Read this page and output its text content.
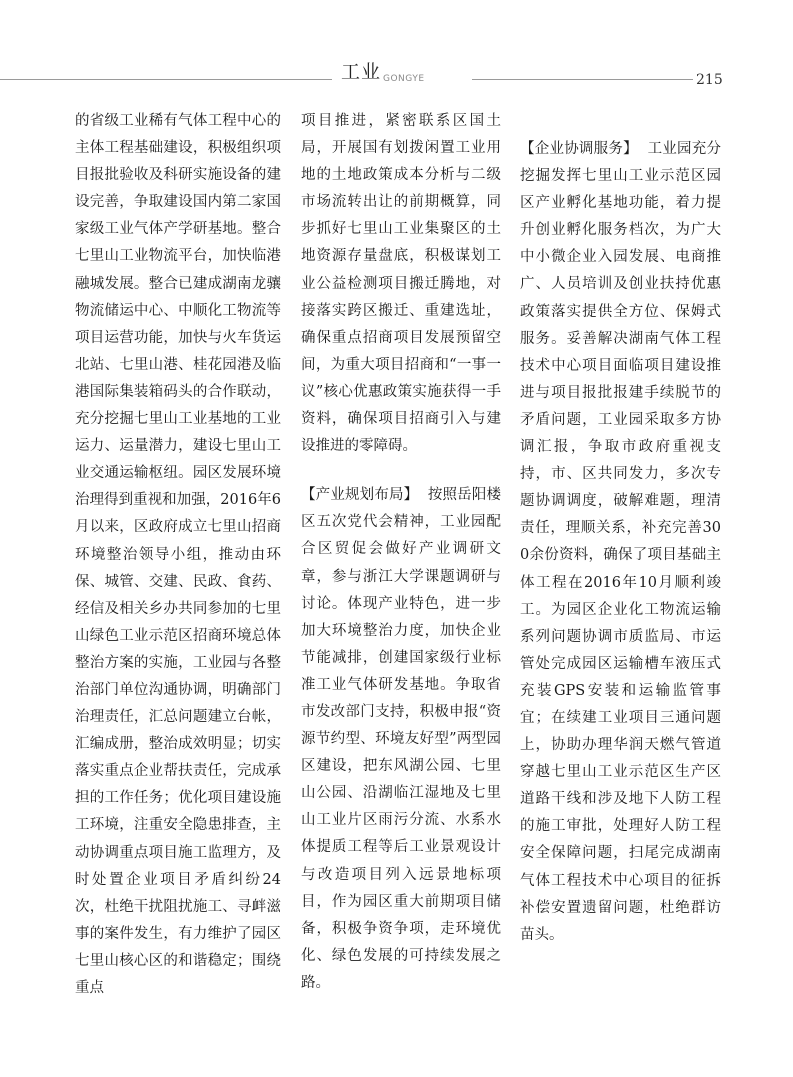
工业 GONGYE	215

的省级工业稀有气体工程中心的主体工程基础建设，积极组织项目报批验收及科研实施设备的建设完善，争取建设国内第二家国家级工业气体产学研基地。整合七里山工业物流平台，加快临港融城发展。整合已建成湖南龙骧物流储运中心、中顺化工物流等项目运营功能，加快与火车货运北站、七里山港、桂花园港及临港国际集装箱码头的合作联动，充分挖掘七里山工业基地的工业运力、运量潜力，建设七里山工业交通运输枢纽。园区发展环境治理得到重视和加强，2016年6月以来，区政府成立七里山招商环境整治领导小组，推动由环保、城管、交建、民政、食药、经信及相关乡办共同参加的七里山绿色工业示范区招商环境总体整治方案的实施，工业园与各整治部门单位沟通协调，明确部门治理责任，汇总问题建立台帐，汇编成册，整治成效明显；切实落实重点企业帮扶责任，完成承担的工作任务；优化项目建设施工环境，注重安全隐患排查，主动协调重点项目施工监理方，及时处置企业项目矛盾纠纷24次，杜绝干扰阻扰施工、寻衅滋事的案件发生，有力维护了园区七里山核心区的和谐稳定；围绕重点

项目推进，紧密联系区国土局，开展国有划拨闲置工业用地的土地政策成本分析与二级市场流转出让的前期概算，同步抓好七里山工业集聚区的土地资源存量盘底，积极谋划工业公益检测项目搬迁腾地，对接落实跨区搬迁、重建选址，确保重点招商项目发展预留空间，为重大项目招商和“一事一议”核心优惠政策实施获得一手资料，确保项目招商引入与建设推进的零障碍。

【产业规划布局】 按照岳阳楼区五次党代会精神，工业园配合区贸促会做好产业调研文章，参与浙江大学课题调研与讨论。体现产业特色，进一步加大环境整治力度，加快企业节能减排，创建国家级行业标准工业气体研发基地。争取省市发改部门支持，积极申报“资源节约型、环境友好型”两型园区建设，把东风湖公园、七里山公园、沿湖临江湿地及七里山工业片区雨污分流、水系水体提质工程等后工业景观设计与改造项目列入远景地标项目，作为园区重大前期项目储备，积极争资争项，走环境优化、绿色发展的可持续发展之路。

【企业协调服务】 工业园充分挖掘发挥七里山工业示范区园区产业孵化基地功能，着力提升创业孵化服务档次，为广大中小微企业入园发展、电商推广、人员培训及创业扶持优惠政策落实提供全方位、保姆式服务。妥善解决湖南气体工程技术中心项目面临项目建设推进与项目报批报建手续脱节的矛盾问题，工业园采取多方协调汇报，争取市政府重视支持，市、区共同发力，多次专题协调调度，破解难题，理清责任，理顺关系，补充完善300余份资料，确保了项目基础主体工程在2016年10月顺利竣工。为园区企业化工物流运输系列问题协调市质监局、市运管处完成园区运输槽车液压式充装GPS安装和运输监管事宜；在续建工业项目三通问题上，协助办理华润天燃气管道穿越七里山工业示范区生产区道路干线和涉及地下人防工程的施工审批，处理好人防工程安全保障问题，扫尾完成湖南气体工程技术中心项目的征拆补偿安置遗留问题，杜绝群访苗头。
